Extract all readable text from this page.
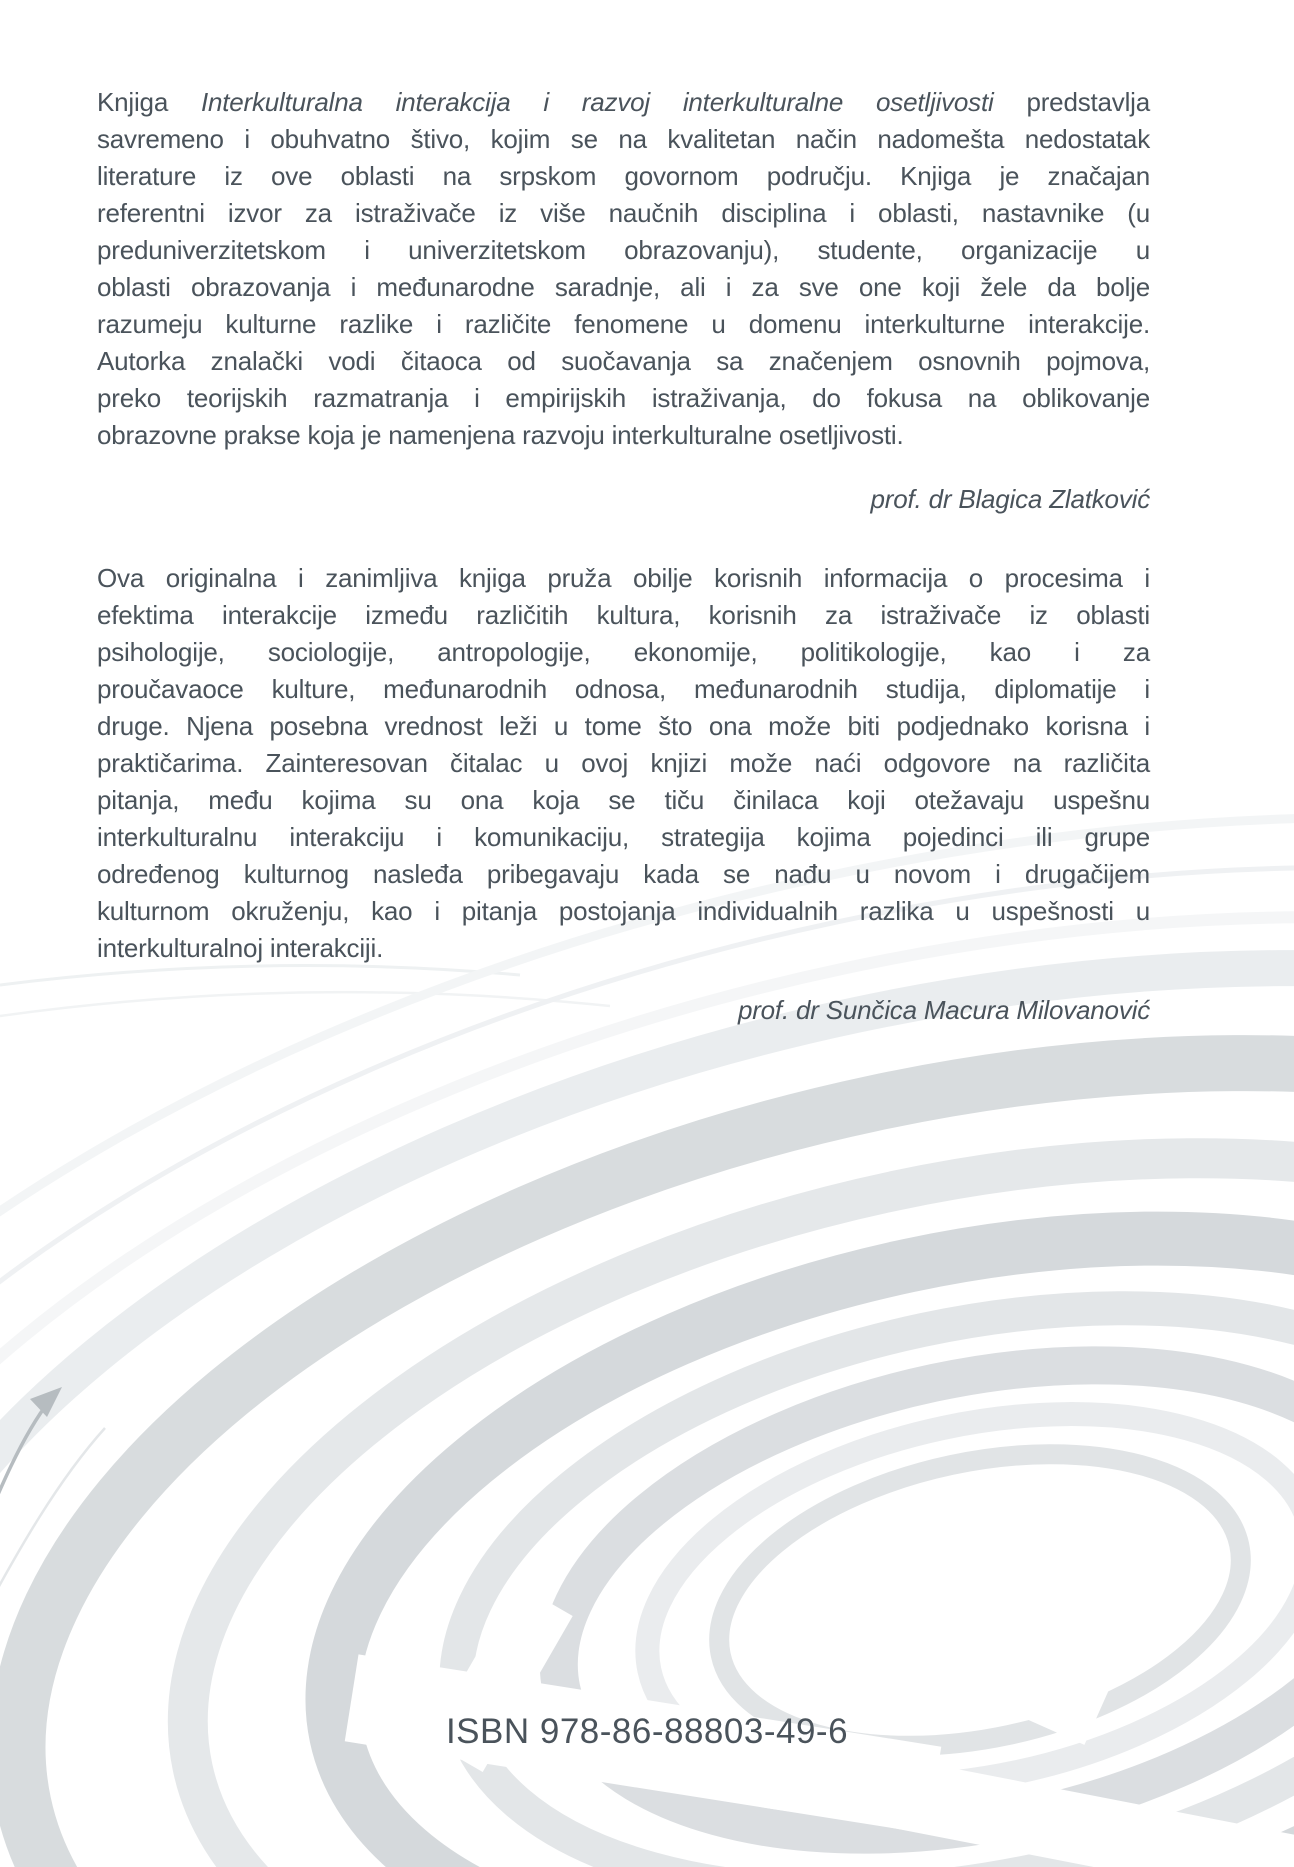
Knjiga Interkulturalna interakcija i razvoj interkulturalne osetljivosti predstavlja
savremeno i obuhvatno štivo, kojim se na kvalitetan način nadomešta nedostatak
literature iz ove oblasti na srpskom govornom području. Knjiga je značajan
referentni izvor za istraživače iz više naučnih disciplina i oblasti, nastavnike (u
preduniverzitetskom i univerzitetskom obrazovanju), studente, organizacije u
oblasti obrazovanja i međunarodne saradnje, ali i za sve one koji žele da bolje
razumeju kulturne razlike i različite fenomene u domenu interkulturne interakcije.
Autorka znalački vodi čitaoca od suočavanja sa značenjem osnovnih pojmova,
preko teorijskih razmatranja i empirijskih istraživanja, do fokusa na oblikovanje
obrazovne prakse koja je namenjena razvoju interkulturalne osetljivosti.
prof. dr Blagica Zlatković
Ova originalna i zanimljiva knjiga pruža obilje korisnih informacija o procesima i
efektima interakcije između različitih kultura, korisnih za istraživače iz oblasti
psihologije, sociologije, antropologije, ekonomije, politikologije, kao i za
proučavaoce kulture, međunarodnih odnosa, međunarodnih studija, diplomatije i
druge. Njena posebna vrednost leži u tome što ona može biti podjednako korisna i
praktičarima. Zainteresovan čitalac u ovoj knjizi može naći odgovore na različita
pitanja, među kojima su ona koja se tiču činilaca koji otežavaju uspešnu
interkulturalnu interakciju i komunikaciju, strategija kojima pojedinci ili grupe
određenog kulturnog nasleđa pribegavaju kada se nađu u novom i drugačijem
kulturnom okruženju, kao i pitanja postojanja individualnih razlika u uspešnosti u
interkulturalnoj interakciji.
prof. dr Sunčica Macura Milovanović
ISBN 978-86-88803-49-6
